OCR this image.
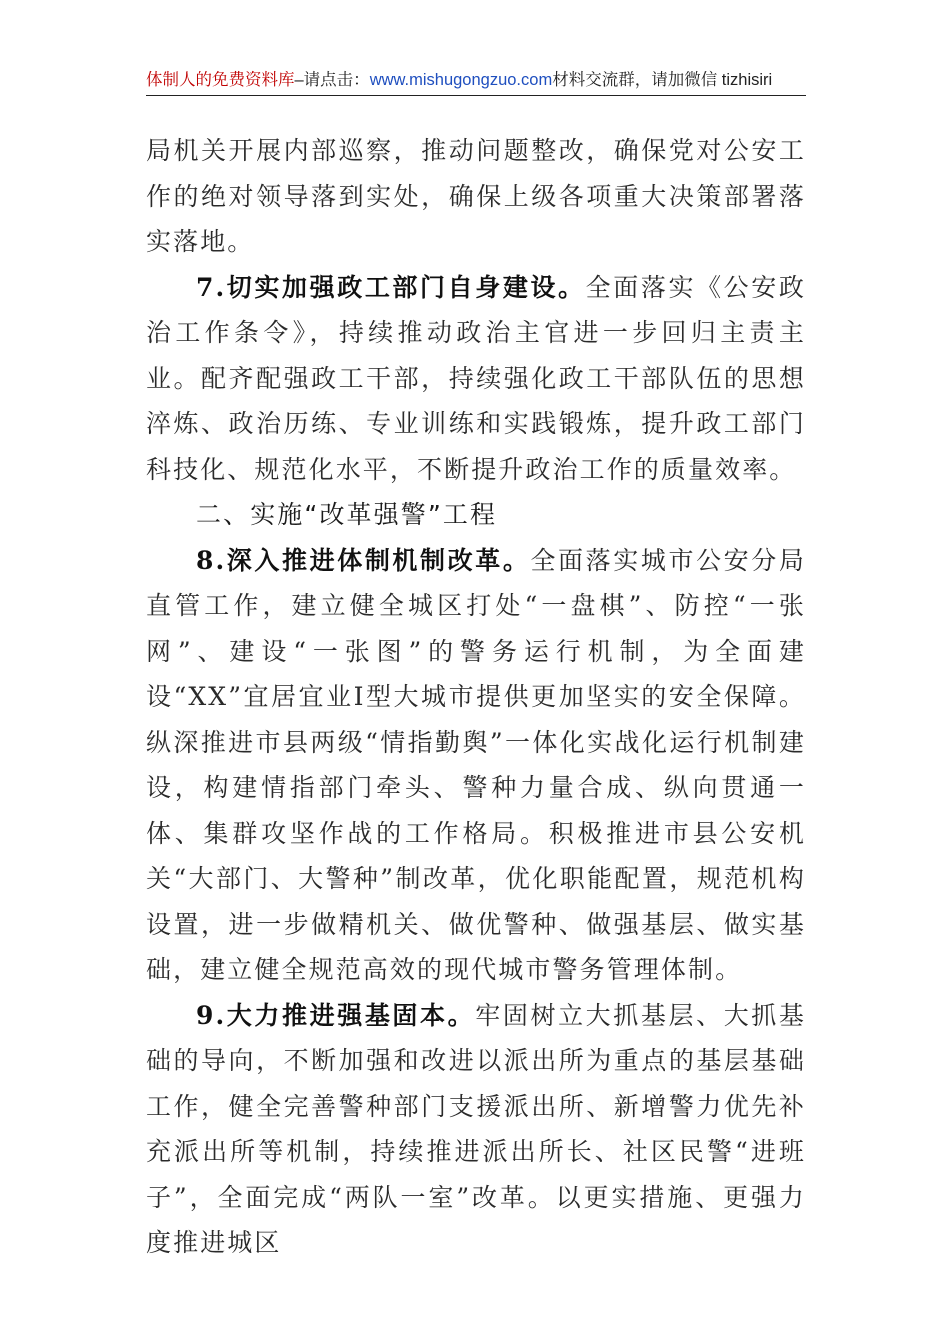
体制人的免费资料库–请点击：www.mishugongzuo.com材料交流群，请加微信 tizhisiri

局机关开展内部巡察，推动问题整改，确保党对公安工作的绝对领导落到实处，确保上级各项重大决策部署落实落地。

7.切实加强政工部门自身建设。全面落实《公安政治工作条令》，持续推动政治主官进一步回归主责主业。配齐配强政工干部，持续强化政工干部队伍的思想淬炼、政治历练、专业训练和实践锻炼，提升政工部门科技化、规范化水平，不断提升政治工作的质量效率。

二、实施“改革强警”工程

8.深入推进体制机制改革。全面落实城市公安分局直管工作，建立健全城区打处“一盘棋”、防控“一张网”、建设“一张图”的警务运行机制，为全面建设“XX”宜居宜业I型大城市提供更加坚实的安全保障。纵深推进市县两级“情指勤舆”一体化实战化运行机制建设，构建情指部门牵头、警种力量合成、纵向贯通一体、集群攻坚作战的工作格局。积极推进市县公安机关“大部门、大警种”制改革，优化职能配置，规范机构设置，进一步做精机关、做优警种、做强基层、做实基础，建立健全规范高效的现代城市警务管理体制。

9.大力推进强基固本。牢固树立大抓基层、大抓基础的导向，不断加强和改进以派出所为重点的基层基础工作，健全完善警种部门支援派出所、新增警力优先补充派出所等机制，持续推进派出所长、社区民警“进班子”，全面完成“两队一室”改革。以更实措施、更强力度推进城区
